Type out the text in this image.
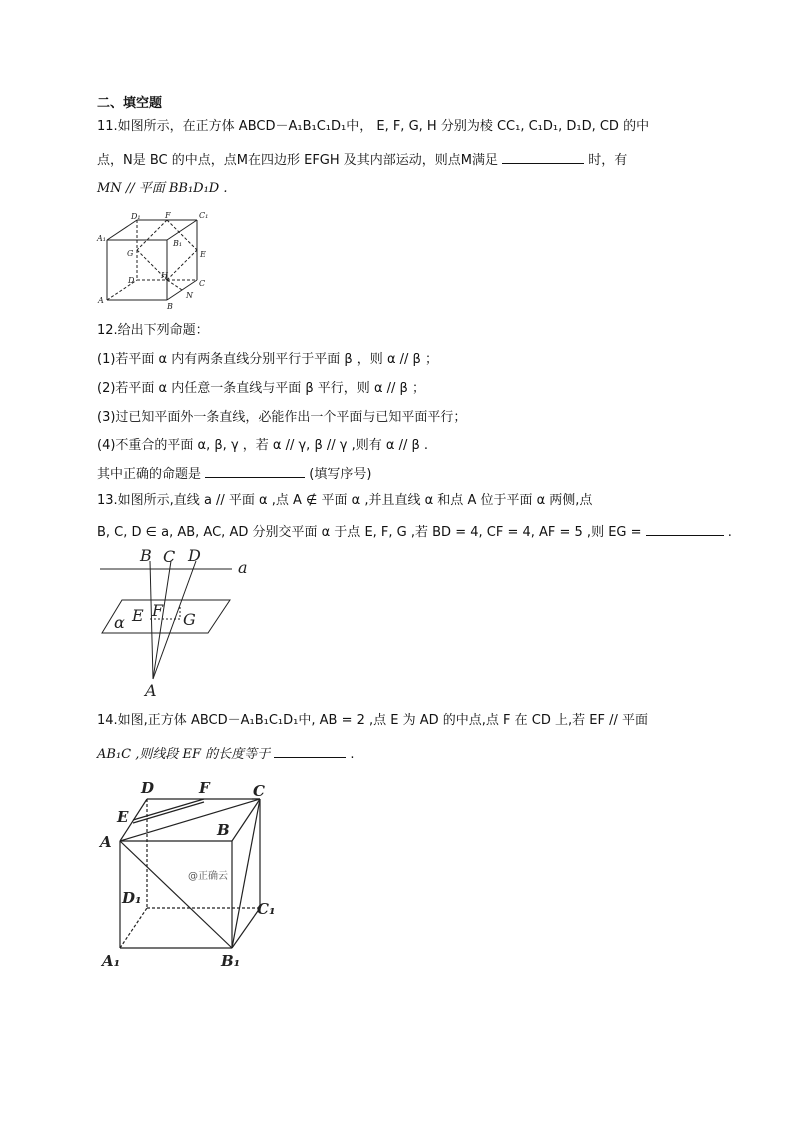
二、填空题
11.如图所示，在正方体 ABCD－A₁B₁C₁D₁中， E, F, G, H 分别为棱 CC₁, C₁D₁, D₁D, CD 的中
点，N是 BC 的中点，点M在四边形 EFGH 及其内部运动，则点M满足	时，有
MN // 平面 BB₁D₁D .
D₁	F	C₁
A₁
B₁
G	E
D
H
C
A
N
B
12.给出下列命题：
(1)若平面 α 内有两条直线分别平行于平面 β ，则 α // β ；
(2)若平面 α 内任意一条直线与平面 β 平行，则 α // β ；
(3)过已知平面外一条直线，必能作出一个平面与已知平面平行；
(4)不重合的平面 α, β, γ ，若 α // γ, β // γ ,则有 α // β .
其中正确的命题是	(填写序号)
13.如图所示,直线 a // 平面 α ,点 A ∉ 平面 α ,并且直线 α 和点 A 位于平面 α 两侧,点
B, C, D ∈ a, AB, AC, AD 分别交平面 α 于点 E, F, G ,若 BD = 4, CF = 4, AF = 5 ,则 EG =	.
B C D
a
E F G
α
A
14.如图,正方体 ABCD－A₁B₁C₁D₁中, AB = 2 ,点 E 为 AD 的中点,点 F 在 CD 上,若 EF // 平面
AB₁C ,则线段 EF 的长度等于	.
D	F	C
E
B
A
D₁
C₁
A₁	B₁
@正确云
